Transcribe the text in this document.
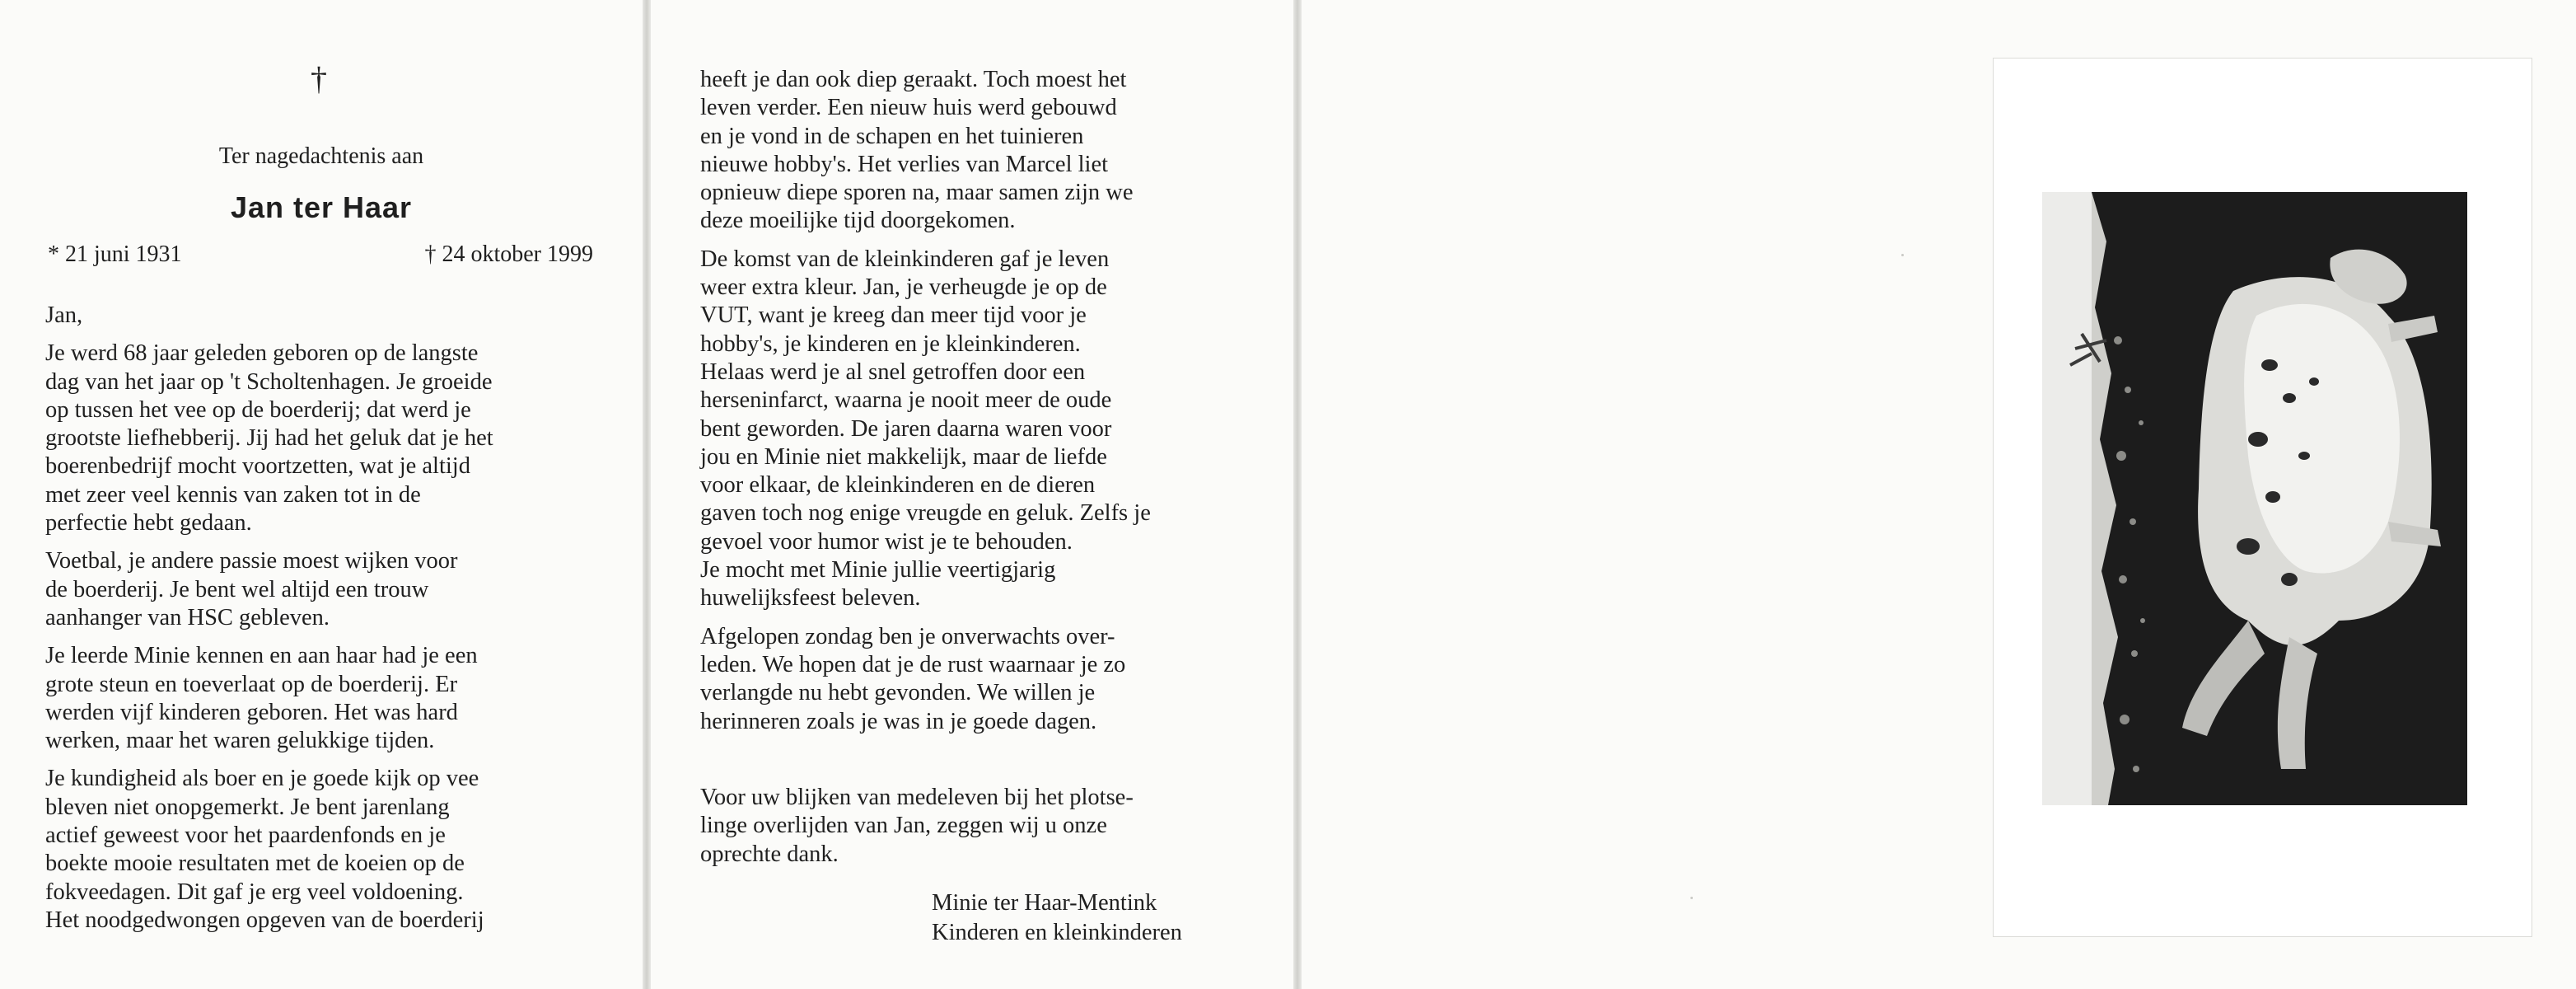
†
Ter nagedachtenis aan
Jan ter Haar
* 21 juni 1931	† 24 oktober 1999

Jan,

Je werd 68 jaar geleden geboren op de langste
dag van het jaar op 't Scholtenhagen. Je groeide
op tussen het vee op de boerderij; dat werd je
grootste liefhebberij. Jij had het geluk dat je het
boerenbedrijf mocht voortzetten, wat je altijd
met zeer veel kennis van zaken tot in de
perfectie hebt gedaan.

Voetbal, je andere passie moest wijken voor
de boerderij. Je bent wel altijd een trouw
aanhanger van HSC gebleven.

Je leerde Minie kennen en aan haar had je een
grote steun en toeverlaat op de boerderij. Er
werden vijf kinderen geboren. Het was hard
werken, maar het waren gelukkige tijden.

Je kundigheid als boer en je goede kijk op vee
bleven niet onopgemerkt. Je bent jarenlang
actief geweest voor het paardenfonds en je
boekte mooie resultaten met de koeien op de
fokveedagen. Dit gaf je erg veel voldoening.
Het noodgedwongen opgeven van de boerderij

heeft je dan ook diep geraakt. Toch moest het
leven verder. Een nieuw huis werd gebouwd
en je vond in de schapen en het tuinieren
nieuwe hobby's. Het verlies van Marcel liet
opnieuw diepe sporen na, maar samen zijn we
deze moeilijke tijd doorgekomen.

De komst van de kleinkinderen gaf je leven
weer extra kleur. Jan, je verheugde je op de
VUT, want je kreeg dan meer tijd voor je
hobby's, je kinderen en je kleinkinderen.
Helaas werd je al snel getroffen door een
herseninfarct, waarna je nooit meer de oude
bent geworden. De jaren daarna waren voor
jou en Minie niet makkelijk, maar de liefde
voor elkaar, de kleinkinderen en de dieren
gaven toch nog enige vreugde en geluk. Zelfs je
gevoel voor humor wist je te behouden.
Je mocht met Minie jullie veertigjarig
huwelijksfeest beleven.

Afgelopen zondag ben je onverwachts over-
leden. We hopen dat je de rust waarnaar je zo
verlangde nu hebt gevonden. We willen je
herinneren zoals je was in je goede dagen.

Voor uw blijken van medeleven bij het plotse-
linge overlijden van Jan, zeggen wij u onze
oprechte dank.

Minie ter Haar-Mentink
Kinderen en kleinkinderen
